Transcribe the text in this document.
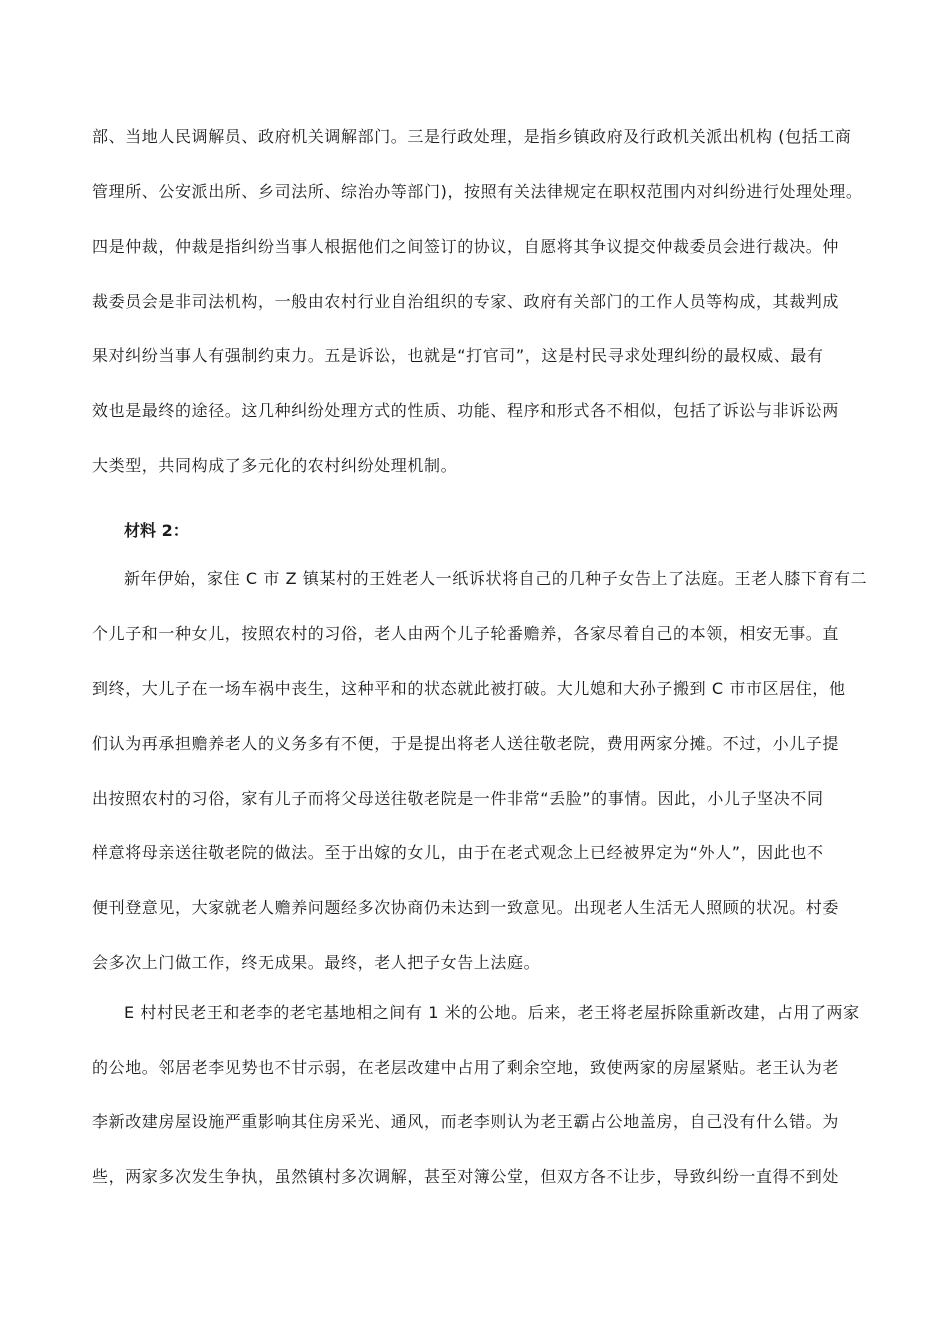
部、当地人民调解员、政府机关调解部门。三是行政处理，是指乡镇政府及行政机关派出机构 (包括工商
管理所、公安派出所、乡司法所、综治办等部门)，按照有关法律规定在职权范围内对纠纷进行处理处理。
四是仲裁，仲裁是指纠纷当事人根据他们之间签订的协议，自愿将其争议提交仲裁委员会进行裁决。仲
裁委员会是非司法机构，一般由农村行业自治组织的专家、政府有关部门的工作人员等构成，其裁判成
果对纠纷当事人有强制约束力。五是诉讼，也就是“打官司”，这是村民寻求处理纠纷的最权威、最有
效也是最终的途径。这几种纠纷处理方式的性质、功能、程序和形式各不相似，包括了诉讼与非诉讼两
大类型，共同构成了多元化的农村纠纷处理机制。
材料 2：
新年伊始，家住 C 市 Z 镇某村的王姓老人一纸诉状将自己的几种子女告上了法庭。王老人膝下育有二
个儿子和一种女儿，按照农村的习俗，老人由两个儿子轮番赡养，各家尽着自己的本领，相安无事。直
到终，大儿子在一场车祸中丧生，这种平和的状态就此被打破。大儿媳和大孙子搬到 C 市市区居住，他
们认为再承担赡养老人的义务多有不便，于是提出将老人送往敬老院，费用两家分摊。不过，小儿子提
出按照农村的习俗，家有儿子而将父母送往敬老院是一件非常“丢脸”的事情。因此，小儿子坚决不同
样意将母亲送往敬老院的做法。至于出嫁的女儿，由于在老式观念上已经被界定为“外人”，因此也不
便刊登意见，大家就老人赡养问题经多次协商仍未达到一致意见。出现老人生活无人照顾的状况。村委
会多次上门做工作，终无成果。最终，老人把子女告上法庭。
E 村村民老王和老李的老宅基地相之间有 1 米的公地。后来，老王将老屋拆除重新改建，占用了两家
的公地。邻居老李见势也不甘示弱，在老层改建中占用了剩余空地，致使两家的房屋紧贴。老王认为老
李新改建房屋设施严重影响其住房采光、通风，而老李则认为老王霸占公地盖房，自己没有什么错。为
些，两家多次发生争执，虽然镇村多次调解，甚至对簿公堂，但双方各不让步，导致纠纷一直得不到处
